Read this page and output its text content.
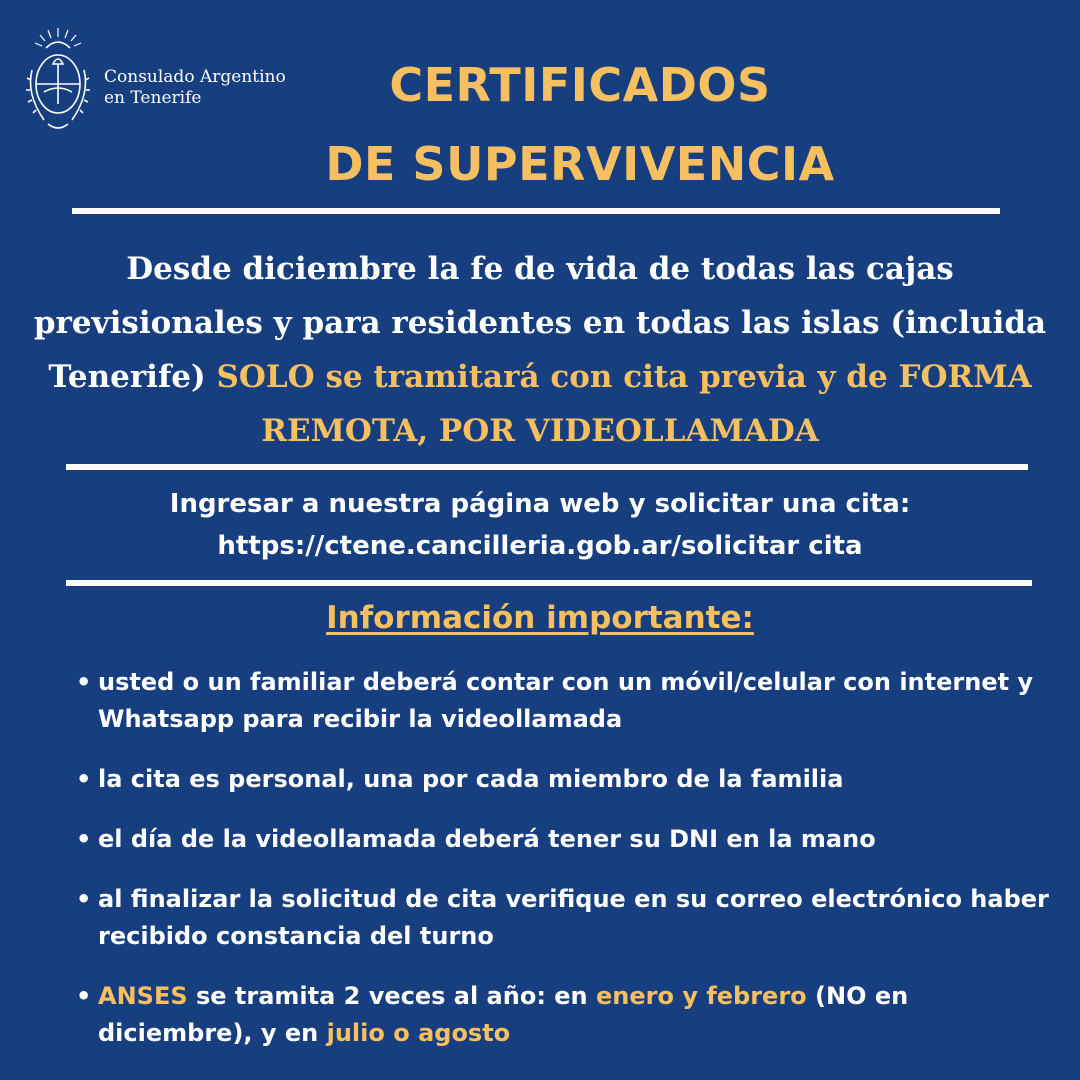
Consulado Argentino
en Tenerife	CERTIFICADOS
DE SUPERVIVENCIA
Desde diciembre la fe de vida de todas las cajas previsionales y para residentes en todas las islas (incluida Tenerife) SOLO se tramitará con cita previa y de FORMA REMOTA, POR VIDEOLLAMADA
Ingresar a nuestra página web y solicitar una cita:
https://ctene.cancilleria.gob.ar/solicitar cita
Información importante:
• usted o un familiar deberá contar con un móvil/celular con internet y Whatsapp para recibir la videollamada
• la cita es personal, una por cada miembro de la familia
• el día de la videollamada deberá tener su DNI en la mano
• al finalizar la solicitud de cita verifique en su correo electrónico haber recibido constancia del turno
• ANSES se tramita 2 veces al año: en enero y febrero (NO en diciembre), y en julio o agosto
